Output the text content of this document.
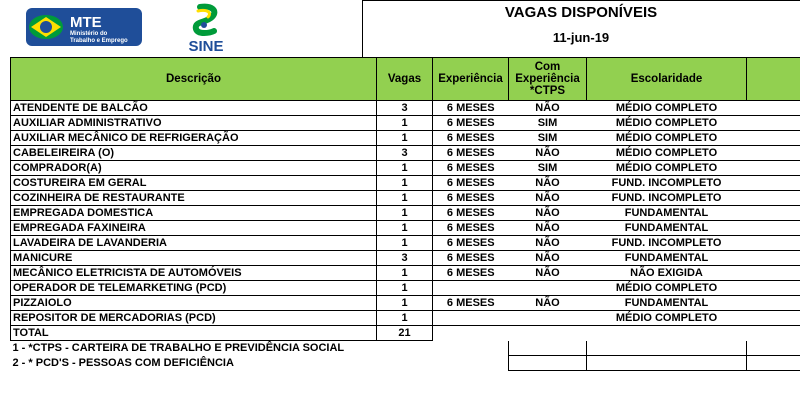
MTE
Ministério do
Trabalho e Emprego	SINE
VAGAS DISPONÍVEIS
11-jun-19
Descrição	Vagas	Experiência	Com Experiência *CTPS	Escolaridade	
ATENDENTE DE BALCÃO	3	6 MESES	NÃO	MÉDIO COMPLETO	
AUXILIAR ADMINISTRATIVO	1	6 MESES	SIM	MÉDIO COMPLETO	
AUXILIAR MECÂNICO DE REFRIGERAÇÃO	1	6 MESES	SIM	MÉDIO COMPLETO	
CABELEIREIRA (O)	3	6 MESES	NÃO	MÉDIO COMPLETO	
COMPRADOR(A)	1	6 MESES	SIM	MÉDIO COMPLETO	
COSTUREIRA EM GERAL	1	6 MESES	NÃO	FUND. INCOMPLETO	
COZINHEIRA DE RESTAURANTE	1	6 MESES	NÃO	FUND. INCOMPLETO	
EMPREGADA DOMESTICA	1	6 MESES	NÃO	FUNDAMENTAL	
EMPREGADA FAXINEIRA	1	6 MESES	NÃO	FUNDAMENTAL	
LAVADEIRA DE LAVANDERIA	1	6 MESES	NÃO	FUND. INCOMPLETO	
MANICURE	3	6 MESES	NÃO	FUNDAMENTAL	
MECÂNICO ELETRICISTA DE AUTOMÓVEIS	1	6 MESES	NÃO	NÃO EXIGIDA	
OPERADOR DE TELEMARKETING (PCD)	1			MÉDIO COMPLETO	
PIZZAIOLO	1	6 MESES	NÃO	FUNDAMENTAL	
REPOSITOR DE MERCADORIAS (PCD)	1			MÉDIO COMPLETO	
TOTAL	21				
1 - *CTPS - CARTEIRA DE TRABALHO E PREVIDÊNCIA SOCIAL					
2 - * PCD'S - PESSOAS COM DEFICIÊNCIA					
